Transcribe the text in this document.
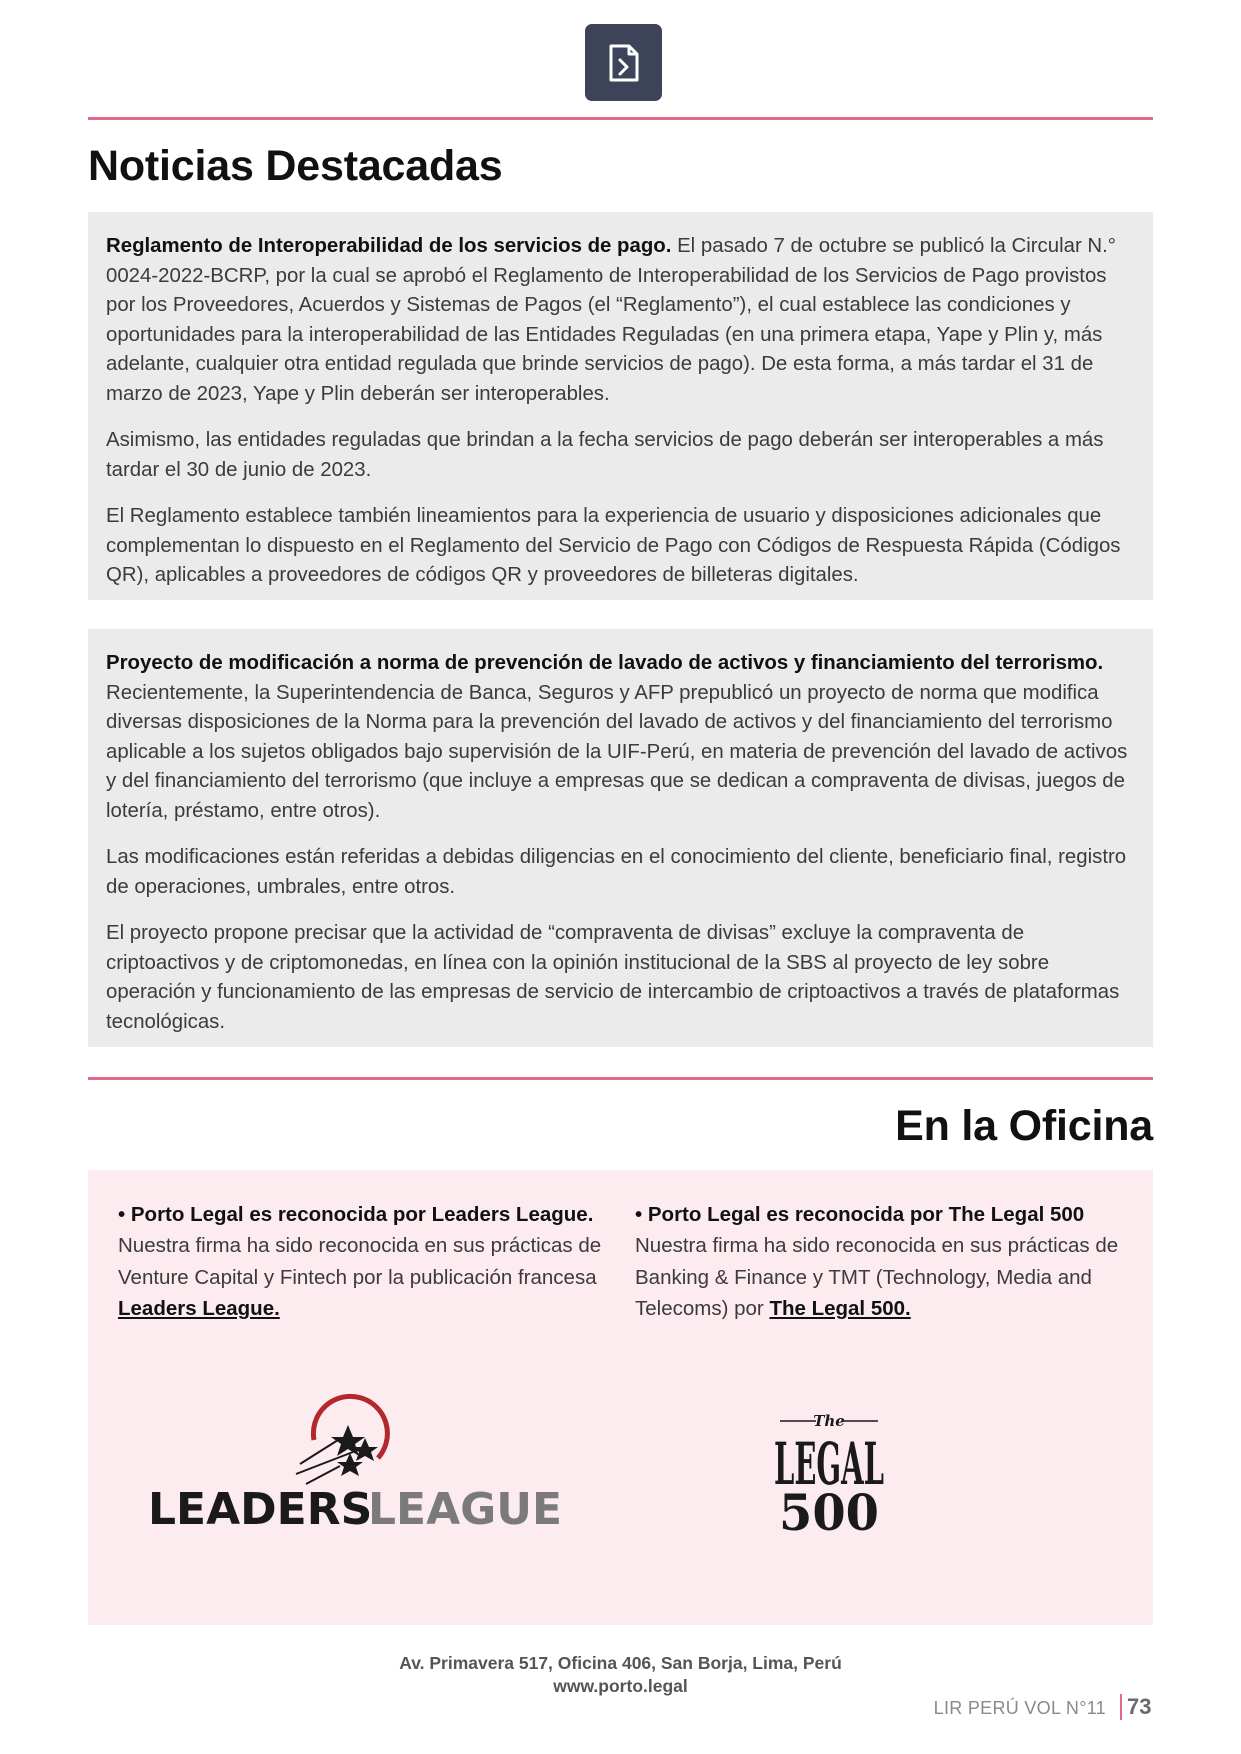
Noticias Destacadas

Reglamento de Interoperabilidad de los servicios de pago. El pasado 7 de octubre se publicó la Circular N.° 0024-2022-BCRP, por la cual se aprobó el Reglamento de Interoperabilidad de los Servicios de Pago provistos por los Proveedores, Acuerdos y Sistemas de Pagos (el “Reglamento”), el cual establece las condiciones y oportunidades para la interoperabilidad de las Entidades Reguladas (en una primera etapa, Yape y Plin y, más adelante, cualquier otra entidad regulada que brinde servicios de pago). De esta forma, a más tardar el 31 de marzo de 2023, Yape y Plin deberán ser interoperables.

Asimismo, las entidades reguladas que brindan a la fecha servicios de pago deberán ser interoperables a más tardar el 30 de junio de 2023.

El Reglamento establece también lineamientos para la experiencia de usuario y disposiciones adicionales que complementan lo dispuesto en el Reglamento del Servicio de Pago con Códigos de Respuesta Rápida (Códigos QR), aplicables a proveedores de códigos QR y proveedores de billeteras digitales.

Proyecto de modificación a norma de prevención de lavado de activos y financiamiento del terrorismo. Recientemente, la Superintendencia de Banca, Seguros y AFP prepublicó un proyecto de norma que modifica diversas disposiciones de la Norma para la prevención del lavado de activos y del financiamiento del terrorismo aplicable a los sujetos obligados bajo supervisión de la UIF-Perú, en materia de prevención del lavado de activos y del financiamiento del terrorismo (que incluye a empresas que se dedican a compraventa de divisas, juegos de lotería, préstamo, entre otros).

Las modificaciones están referidas a debidas diligencias en el conocimiento del cliente, beneficiario final, registro de operaciones, umbrales, entre otros.

El proyecto propone precisar que la actividad de “compraventa de divisas” excluye la compraventa de criptoactivos y de criptomonedas, en línea con la opinión institucional de la SBS al proyecto de ley sobre operación y funcionamiento de las empresas de servicio de intercambio de criptoactivos a través de plataformas tecnológicas.

En la Oficina
• Porto Legal es reconocida por Leaders League.
Nuestra firma ha sido reconocida en sus prácticas de Venture Capital y Fintech por la publicación francesa Leaders League.
• Porto Legal es reconocida por The Legal 500
Nuestra firma ha sido reconocida en sus prácticas de Banking & Finance y TMT (Technology, Media and Telecoms) por The Legal 500.
LEADERS
LEAGUE
The
LEGAL
500
Av. Primavera 517, Oficina 406, San Borja, Lima, Perú
www.porto.legal
LIR PERÚ VOL N°11 73
